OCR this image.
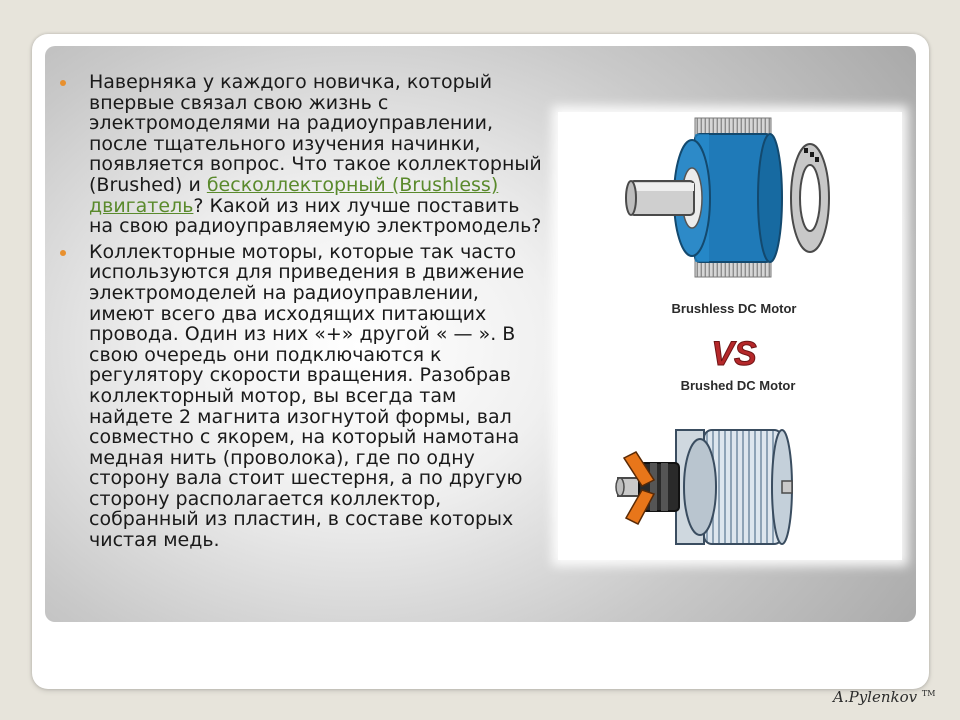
Наверняка у каждого новичка, который впервые связал свою жизнь с электромоделями на радиоуправлении, после тщательного изучения начинки, появляется вопрос. Что такое коллекторный (Brushed) и бесколлекторный (Brushless) двигатель? Какой из них лучше поставить на свою радиоуправляемую электромодель?

Коллекторные моторы, которые так часто используются для приведения в движение электромоделей на радиоуправлении, имеют всего два исходящих питающих провода. Один из них «+» другой « — ». В свою очередь они подключаются к регулятору скорости вращения. Разобрав коллекторный мотор, вы всегда там найдете 2 магнита изогнутой формы, вал совместно с якорем, на который намотана медная нить (проволока), где по одну сторону вала стоит шестерня, а по другую сторону располагается коллектор, собранный из пластин, в составе которых чистая медь.

Brushless DC Motor
VS
Brushed DC Motor
A.Pylenkov ™
